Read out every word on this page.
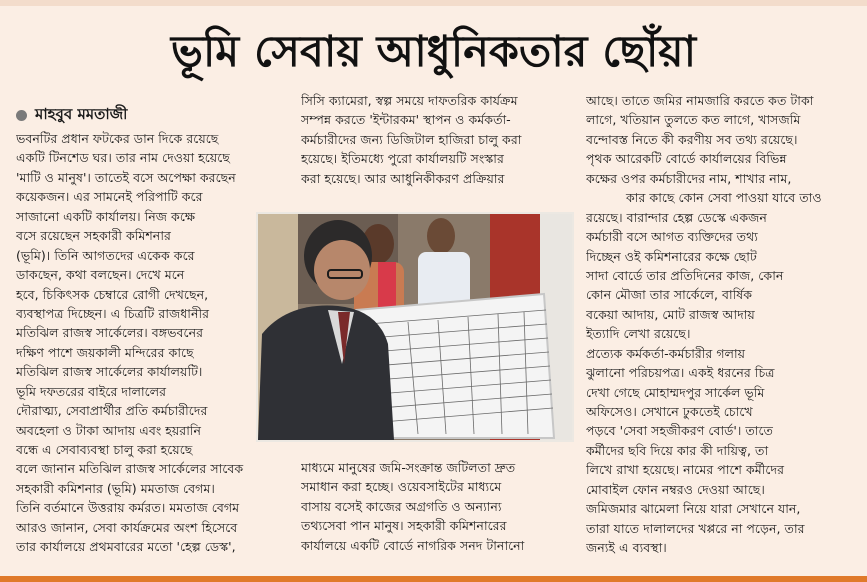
ভূমি সেবায় আধুনিকতার ছোঁয়া
মাহবুব মমতাজী
ভবনটির প্রধান ফটকের ডান দিকে রয়েছে
একটি টিনশেড ঘর। তার নাম দেওয়া হয়েছে
'মাটি ও মানুষ'। তাতেই বসে অপেক্ষা করছেন
কয়েকজন। এর সামনেই পরিপাটি করে
সাজানো একটি কার্যালয়। নিজ কক্ষে
বসে রয়েছেন সহকারী কমিশনার
(ভূমি)। তিনি আগতদের একেক করে
ডাকছেন, কথা বলছেন। দেখে মনে
হবে, চিকিৎসক চেম্বারে রোগী দেখছেন,
ব্যবস্থাপত্র দিচ্ছেন। এ চিত্রটি রাজধানীর
মতিঝিল রাজস্ব সার্কেলের। বঙ্গভবনের
দক্ষিণ পাশে জয়কালী মন্দিরের কাছে
মতিঝিল রাজস্ব সার্কেলের কার্যালয়টি।
ভূমি দফতরের বাইরে দালালের
দৌরাত্ম্য, সেবাপ্রার্থীর প্রতি কর্মচারীদের
অবহেলা ও টাকা আদায় এবং হয়রানি
বন্ধে এ সেবাব্যবস্থা চালু করা হয়েছে
বলে জানান মতিঝিল রাজস্ব সার্কেলের সাবেক
সহকারী কমিশনার (ভূমি) মমতাজ বেগম।
তিনি বর্তমানে উত্তরায় কর্মরত। মমতাজ বেগম
আরও জানান, সেবা কার্যক্রমের অংশ হিসেবে
তার কার্যালয়ে প্রথমবারের মতো 'হেল্প ডেস্ক',
সিসি ক্যামেরা, স্বল্প সময়ে দাফতরিক কার্যক্রম
সম্পন্ন করতে 'ইন্টারকম' স্থাপন ও কর্মকর্তা-
কর্মচারীদের জন্য ডিজিটাল হাজিরা চালু করা
হয়েছে। ইতিমধ্যে পুরো কার্যালয়টি সংস্কার
করা হয়েছে। আর আধুনিকীকরণ প্রক্রিয়ার
মাধ্যমে মানুষের জমি-সংক্রান্ত জটিলতা দ্রুত
সমাধান করা হচ্ছে। ওয়েবসাইটের মাধ্যমে
বাসায় বসেই কাজের অগ্রগতি ও অন্যান্য
তথ্যসেবা পান মানুষ। সহকারী কমিশনারের
কার্যালয়ে একটি বোর্ডে নাগরিক সনদ টানানো
আছে। তাতে জমির নামজারি করতে কত টাকা
লাগে, খতিয়ান তুলতে কত লাগে, খাসজমি
বন্দোবস্ত নিতে কী করণীয় সব তথ্য রয়েছে।
পৃথক আরেকটি বোর্ডে কার্যালয়ের বিভিন্ন
কক্ষের ওপর কর্মচারীদের নাম, শাখার নাম,
কার কাছে কোন সেবা পাওয়া যাবে তাও
রয়েছে। বারান্দার হেল্প ডেস্কে একজন
কর্মচারী বসে আগত ব্যক্তিদের তথ্য
দিচ্ছেন ওই কমিশনারের কক্ষে ছোট
সাদা বোর্ডে তার প্রতিদিনের কাজ, কোন
কোন মৌজা তার সার্কেলে, বার্ষিক
বকেয়া আদায়, মোট রাজস্ব আদায়
ইত্যাদি লেখা রয়েছে।
প্রত্যেক কর্মকর্তা-কর্মচারীর গলায়
ঝুলানো পরিচয়পত্র। একই ধরনের চিত্র
দেখা গেছে মোহাম্মদপুর সার্কেল ভূমি
অফিসেও। সেখানে ঢুকতেই চোখে
পড়বে 'সেবা সহজীকরণ বোর্ড'। তাতে
কর্মীদের ছবি দিয়ে কার কী দায়িত্ব, তা
লিখে রাখা হয়েছে। নামের পাশে কর্মীদের
মোবাইল ফোন নম্বরও দেওয়া আছে।
জমিজমার ঝামেলা নিয়ে যারা সেখানে যান,
তারা যাতে দালালদের খপ্পরে না পড়েন, তার
জন্যই এ ব্যবস্থা।
